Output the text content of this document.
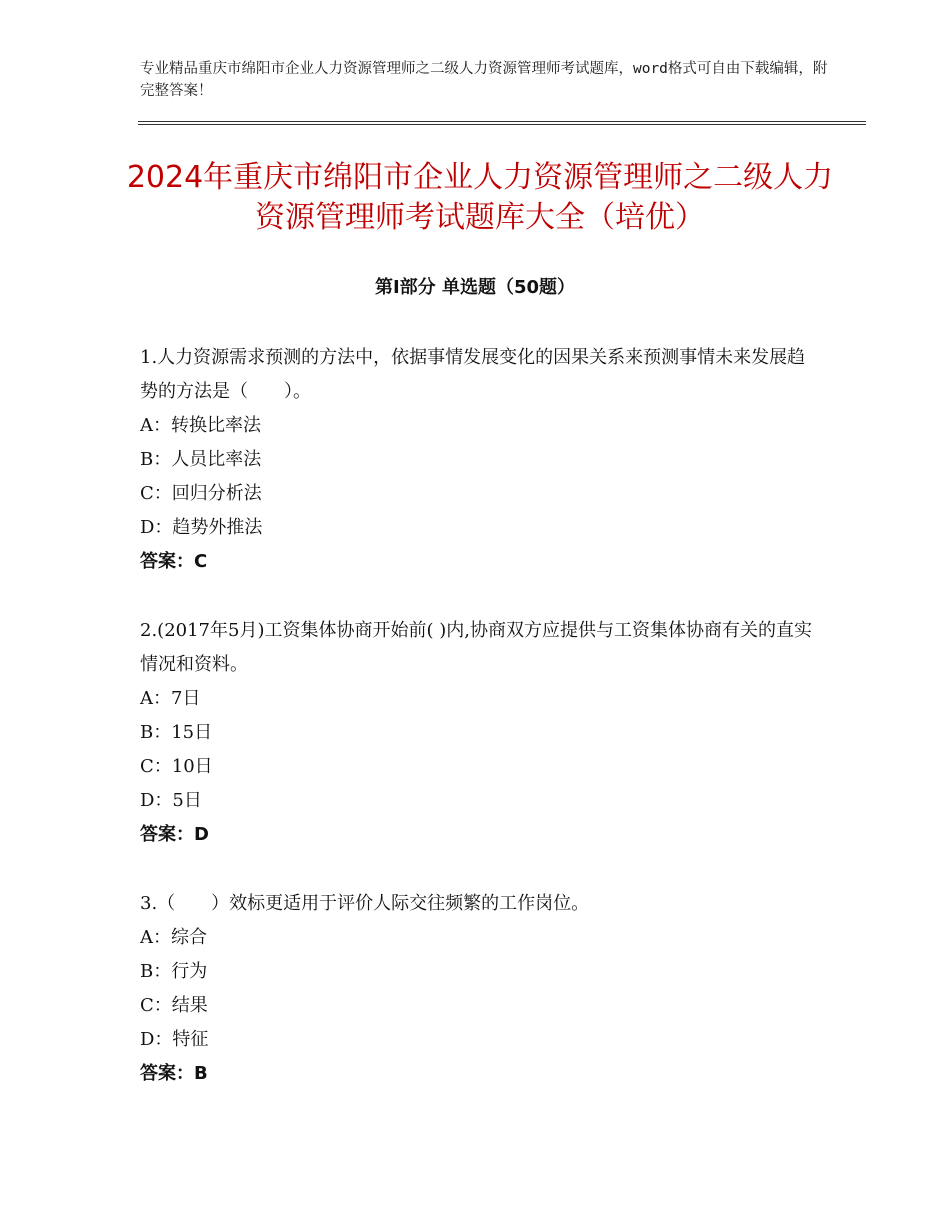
专业精品重庆市绵阳市企业人力资源管理师之二级人力资源管理师考试题库，word格式可自由下载编辑，附完整答案！
2024年重庆市绵阳市企业人力资源管理师之二级人力资源管理师考试题库大全（培优）
第Ⅰ部分 单选题（50题）

1.人力资源需求预测的方法中，依据事情发展变化的因果关系来预测事情未来发展趋势的方法是（　　）。

A：转换比率法

B：人员比率法

C：回归分析法

D：趋势外推法

答案：C

2.(2017年5月)工资集体协商开始前( )内,协商双方应提供与工资集体协商有关的直实情况和资料。

A：7日

B：15日

C：10日

D：5日

答案：D

3.（　　）效标更适用于评价人际交往频繁的工作岗位。

A：综合

B：行为

C：结果

D：特征

答案：B
